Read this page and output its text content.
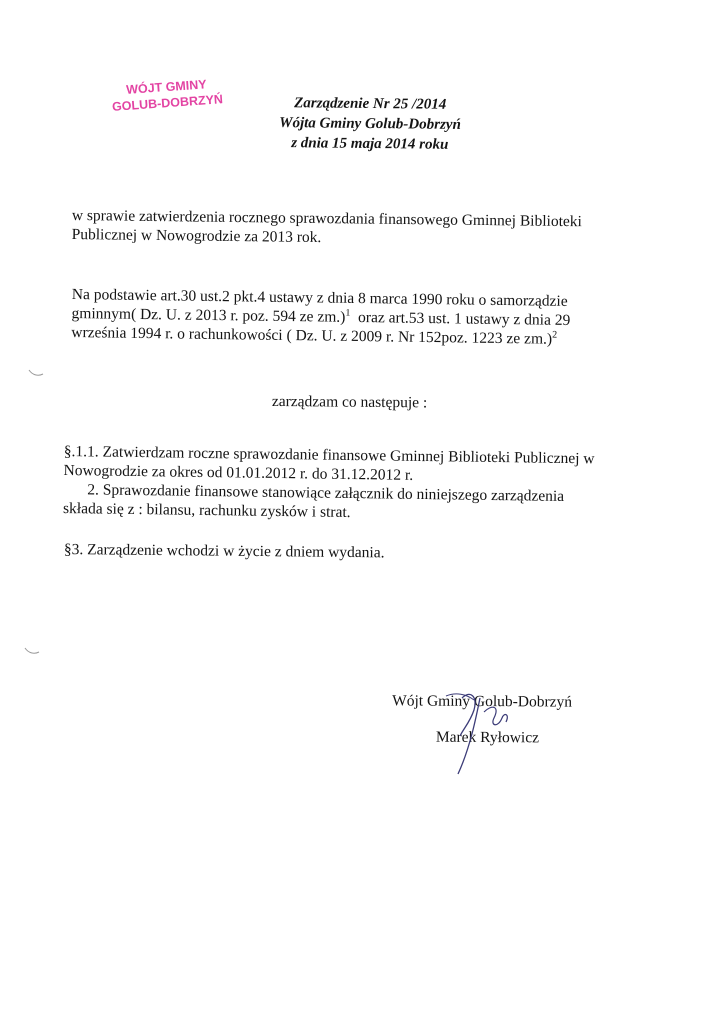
WÓJT GMINY
GOLUB-DOBRZYŃ	Zarządzenie Nr 25 /2014
Wójta Gminy Golub-Dobrzyń
z dnia 15 maja 2014 roku
w sprawie zatwierdzenia rocznego sprawozdania finansowego Gminnej Biblioteki
Publicznej w Nowogrodzie za 2013 rok.
Na podstawie art.30 ust.2 pkt.4 ustawy z dnia 8 marca 1990 roku o samorządzie
gminnym( Dz. U. z 2013 r. poz. 594 ze zm.)$^1$  oraz art.53 ust. 1 ustawy z dnia 29
września 1994 r. o rachunkowości ( Dz. U. z 2009 r. Nr 152poz. 1223 ze zm.)$^2$
zarządzam co następuje :
§.1.1. Zatwierdzam roczne sprawozdanie finansowe Gminnej Biblioteki Publicznej w
Nowogrodzie za okres od 01.01.2012 r. do 31.12.2012 r.
2. Sprawozdanie finansowe stanowiące załącznik do niniejszego zarządzenia
składa się z : bilansu, rachunku zysków i strat.
§3. Zarządzenie wchodzi w życie z dniem wydania.
Wójt Gminy Golub-Dobrzyń
Marek Ryłowicz
